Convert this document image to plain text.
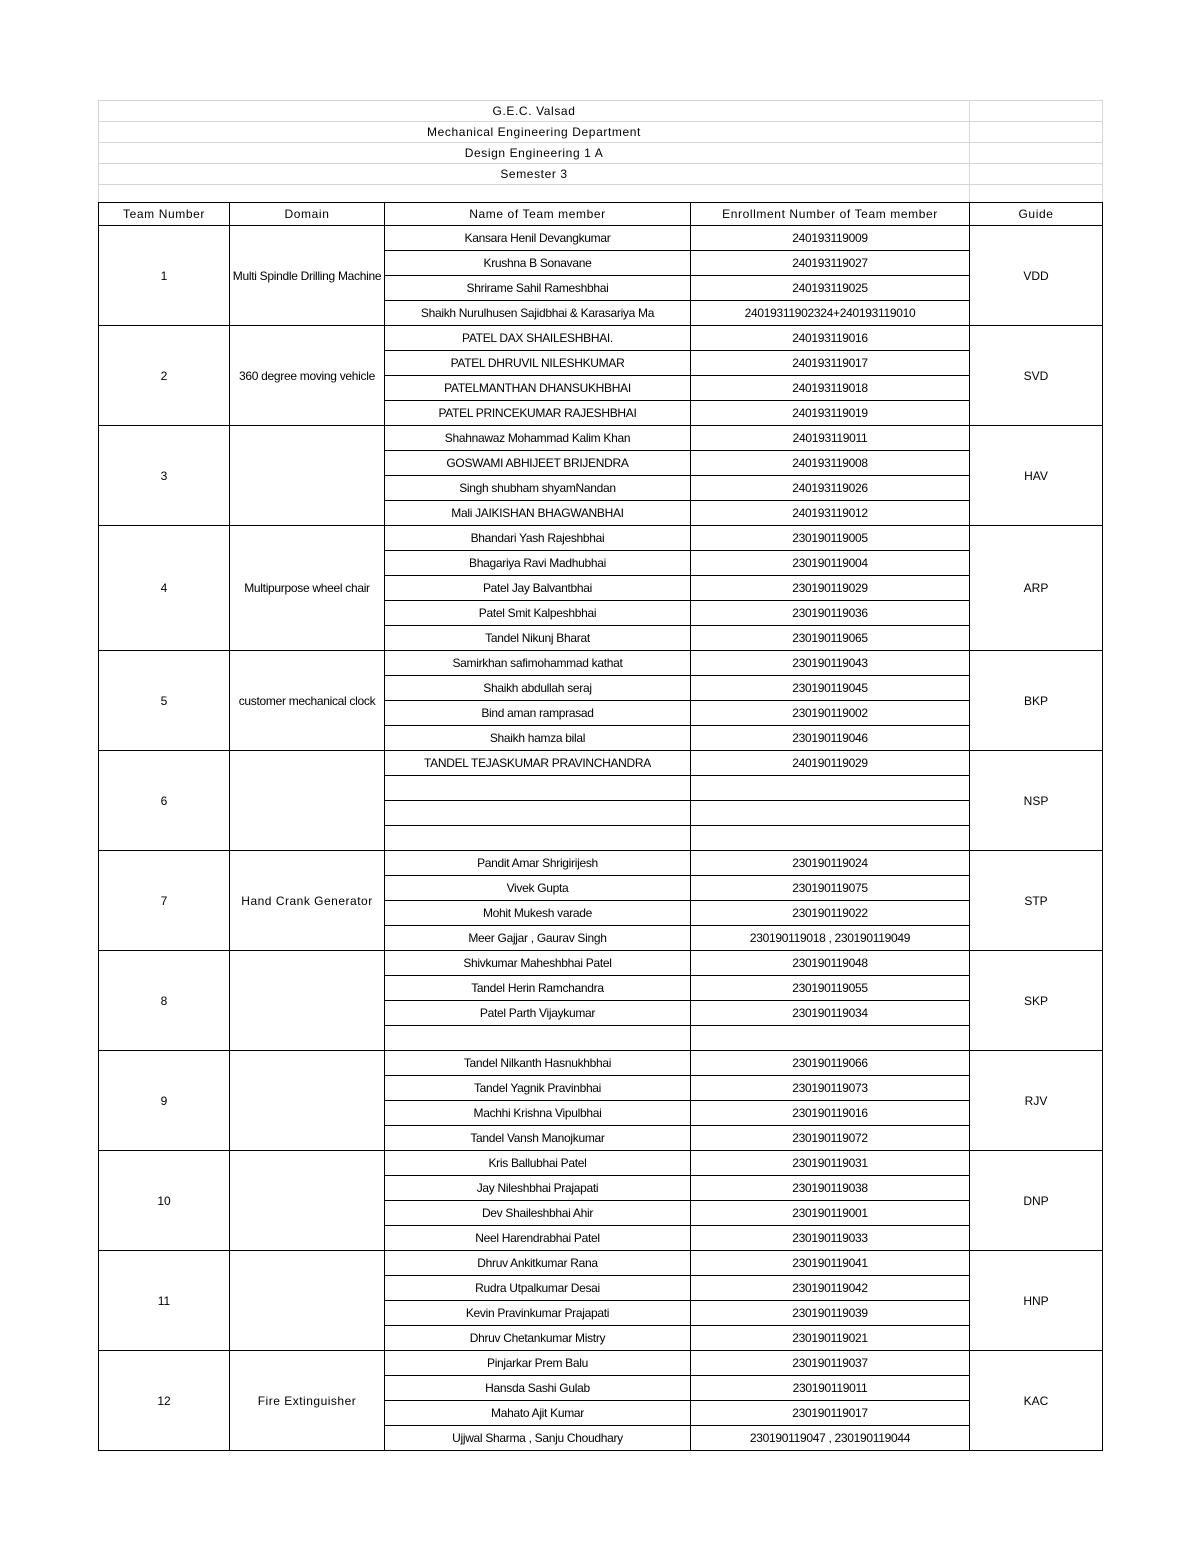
G.E.C. Valsad				
Mechanical Engineering Department				
Design Engineering 1 A				
Semester 3				

Team Number	Domain	Name of Team member	Enrollment Number of Team member	Guide
1	Multi Spindle Drilling Machine	Kansara Henil Devangkumar	240193119009	VDD
		Krushna B Sonavane	240193119027	
		Shrirame Sahil Rameshbhai	240193119025	
		Shaikh Nurulhusen Sajidbhai & Karasariya Ma	24019311902324+240193119010	
2	360 degree moving vehicle	PATEL DAX SHAILESHBHAI.	240193119016	SVD
		PATEL DHRUVIL NILESHKUMAR	240193119017	
		PATELMANTHAN DHANSUKHBHAI	240193119018	
		PATEL PRINCEKUMAR RAJESHBHAI	240193119019	
3		Shahnawaz Mohammad Kalim Khan	240193119011	HAV
		GOSWAMI ABHIJEET BRIJENDRA	240193119008	
		Singh shubham shyamNandan	240193119026	
		Mali JAIKISHAN BHAGWANBHAI	240193119012	
4	Multipurpose wheel chair	Bhandari Yash Rajeshbhai	230190119005	ARP
		Bhagariya Ravi Madhubhai	230190119004	
		Patel Jay Balvantbhai	230190119029	
		Patel Smit Kalpeshbhai	230190119036	
		Tandel Nikunj Bharat	230190119065	
5	customer mechanical clock	Samirkhan safimohammad kathat	230190119043	BKP
		Shaikh abdullah seraj	230190119045	
		Bind aman ramprasad	230190119002	
		Shaikh hamza bilal	230190119046	
6		TANDEL TEJASKUMAR PRAVINCHANDRA	240190119029	NSP

7	Hand Crank Generator	Pandit Amar Shrigirijesh	230190119024	STP
		Vivek Gupta	230190119075	
		Mohit Mukesh varade	230190119022	
		Meer Gajjar , Gaurav Singh	230190119018 , 230190119049	
8		Shivkumar Maheshbhai Patel	230190119048	SKP
		Tandel Herin Ramchandra	230190119055	
		Patel Parth Vijaykumar	230190119034	

9		Tandel Nilkanth Hasnukhbhai	230190119066	RJV
		Tandel Yagnik Pravinbhai	230190119073	
		Machhi Krishna Vipulbhai	230190119016	
		Tandel Vansh Manojkumar	230190119072	
10		Kris Ballubhai Patel	230190119031	DNP
		Jay Nileshbhai Prajapati	230190119038	
		Dev Shaileshbhai Ahir	230190119001	
		Neel Harendrabhai Patel	230190119033	
11		Dhruv Ankitkumar Rana	230190119041	HNP
		Rudra Utpalkumar Desai	230190119042	
		Kevin Pravinkumar Prajapati	230190119039	
		Dhruv Chetankumar Mistry	230190119021	
12	Fire Extinguisher	Pinjarkar Prem Balu	230190119037	KAC
		Hansda Sashi Gulab	230190119011	
		Mahato Ajit Kumar	230190119017	
		Ujjwal Sharma , Sanju Choudhary	230190119047 , 230190119044	
